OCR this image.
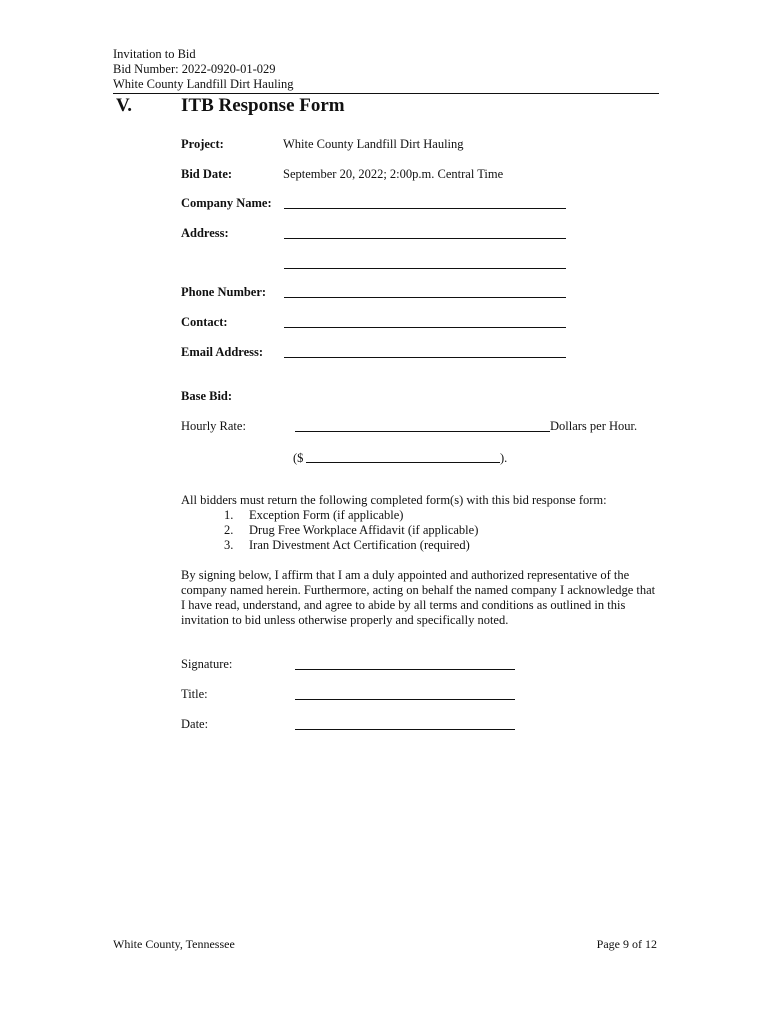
Invitation to Bid
Bid Number: 2022-0920-01-029
White County Landfill Dirt Hauling
V.	ITB Response Form
Project:	White County Landfill Dirt Hauling
Bid Date:	September 20, 2022; 2:00p.m. Central Time
Company Name:
Address:
Phone Number:
Contact:
Email Address:
Base Bid:
Hourly Rate:	Dollars per Hour.
($	).
All bidders must return the following completed form(s) with this bid response form:
1. Exception Form (if applicable)
2. Drug Free Workplace Affidavit (if applicable)
3. Iran Divestment Act Certification (required)

By signing below, I affirm that I am a duly appointed and authorized representative of the company named herein. Furthermore, acting on behalf the named company I acknowledge that I have read, understand, and agree to abide by all terms and conditions as outlined in this invitation to bid unless otherwise properly and specifically noted.

Signature:
Title:
Date:
White County, Tennessee	Page 9 of 12
